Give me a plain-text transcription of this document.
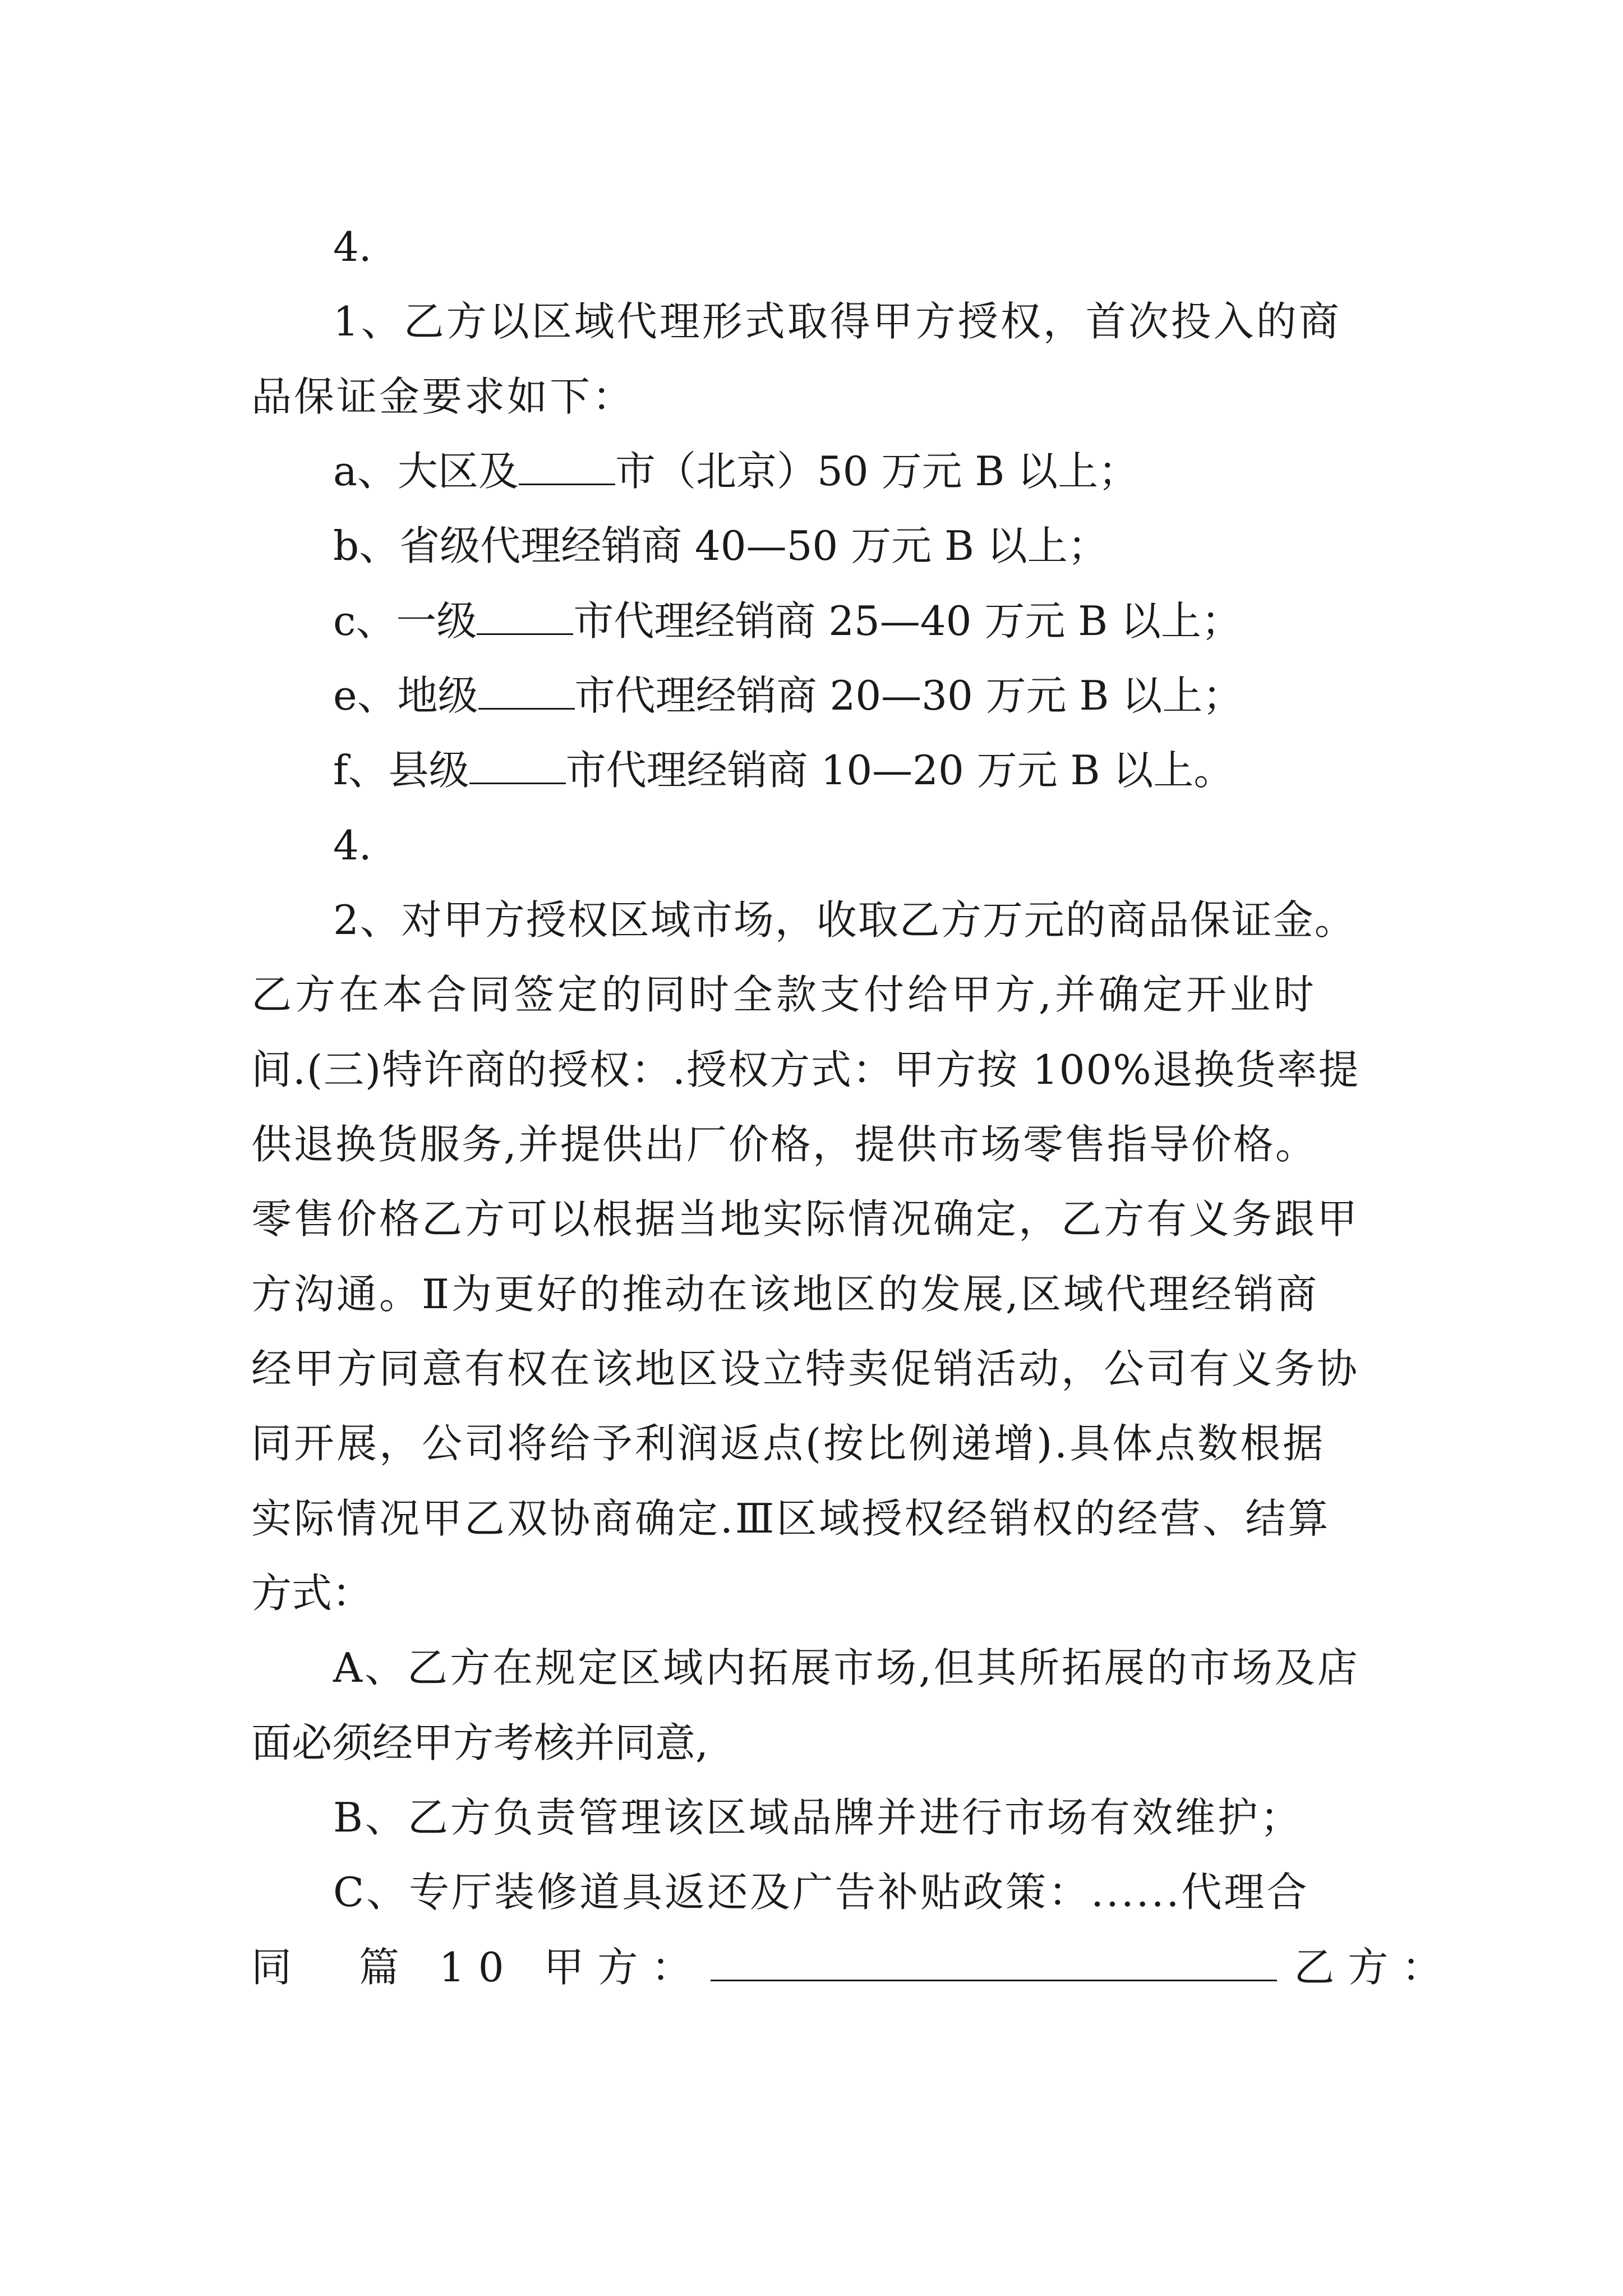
4.
1、乙方以区域代理形式取得甲方授权，首次投入的商
品保证金要求如下：
a、大区及 市（北京）50 万元 B 以上；
b、省级代理经销商 40—50 万元 B 以上；
c、一级 市代理经销商 25—40 万元 B 以上；
e、地级 市代理经销商 20—30 万元 B 以上；
f、县级 市代理经销商 10—20 万元 B 以上。
4.
2、对甲方授权区域市场，收取乙方万元的商品保证金。
乙方在本合同签定的同时全款支付给甲方,并确定开业时
间.(三)特许商的授权：.授权方式：甲方按 100%退换货率提
供退换货服务,并提供出厂价格，提供市场零售指导价格。
零售价格乙方可以根据当地实际情况确定，乙方有义务跟甲
方沟通。Ⅱ为更好的推动在该地区的发展,区域代理经销商
经甲方同意有权在该地区设立特卖促销活动，公司有义务协
同开展，公司将给予利润返点(按比例递增).具体点数根据
实际情况甲乙双协商确定.Ⅲ区域授权经销权的经营、结算
方式：
A、乙方在规定区域内拓展市场,但其所拓展的市场及店
面必须经甲方考核并同意,
B、乙方负责管理该区域品牌并进行市场有效维护；
C、专厅装修道具返还及广告补贴政策：......代理合
同　篇 10 甲方：	乙方：
